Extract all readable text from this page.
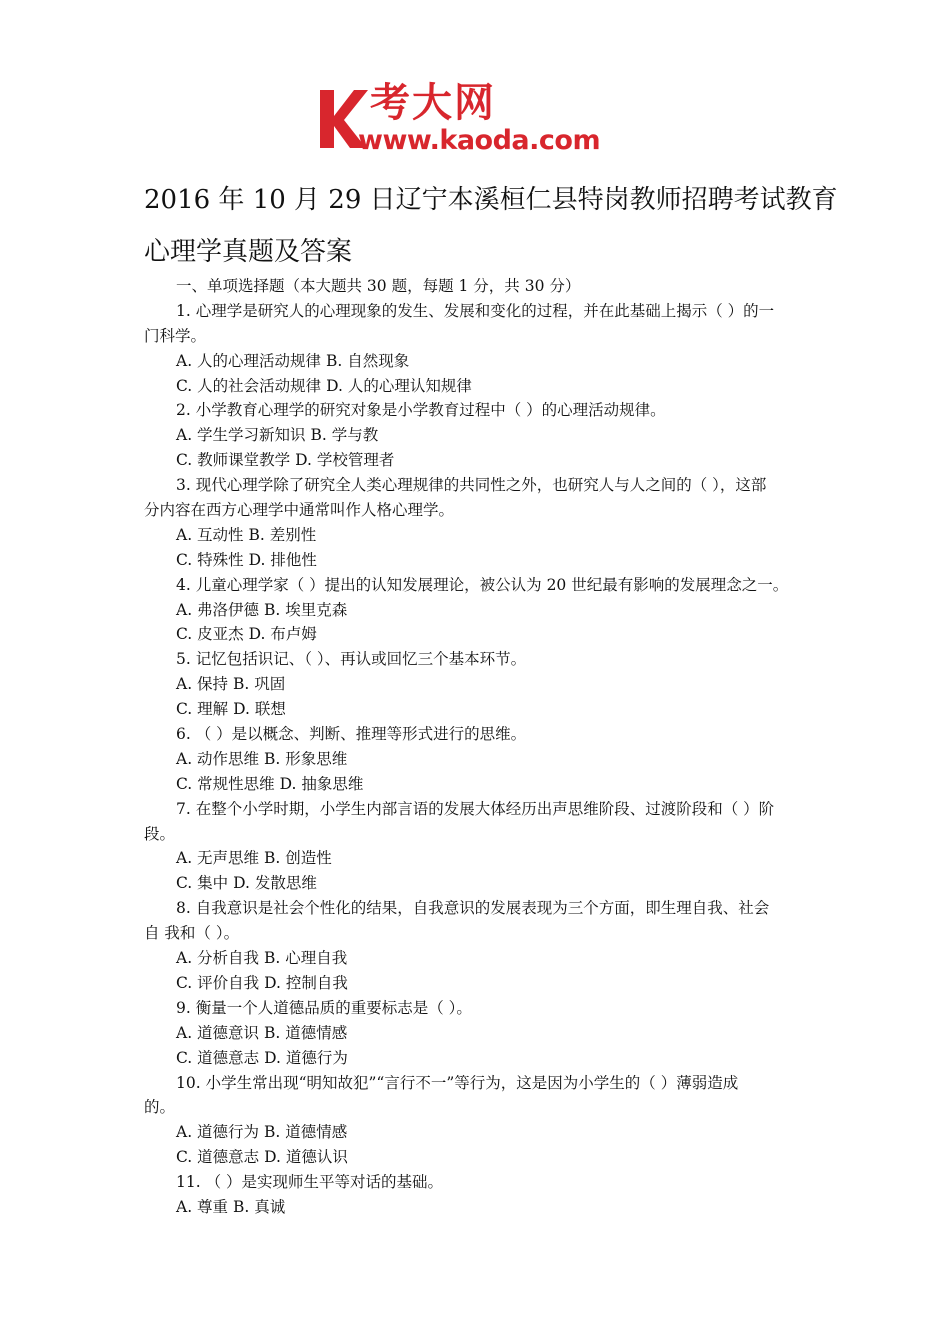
考大网
www.kaoda.com
2016 年 10 月 29 日辽宁本溪桓仁县特岗教师招聘考试教育
心理学真题及答案
一、单项选择题（本大题共 30 题，每题 1 分，共 30 分）
1. 心理学是研究人的心理现象的发生、发展和变化的过程，并在此基础上揭示（ ）的一
门科学。
A. 人的心理活动规律 B. 自然现象
C. 人的社会活动规律 D. 人的心理认知规律
2. 小学教育心理学的研究对象是小学教育过程中（ ）的心理活动规律。
A. 学生学习新知识 B. 学与教
C. 教师课堂教学 D. 学校管理者
3. 现代心理学除了研究全人类心理规律的共同性之外，也研究人与人之间的（ ），这部
分内容在西方心理学中通常叫作人格心理学。
A. 互动性 B. 差别性
C. 特殊性 D. 排他性
4. 儿童心理学家（ ）提出的认知发展理论，被公认为 20 世纪最有影响的发展理念之一。
A. 弗洛伊德 B. 埃里克森
C. 皮亚杰 D. 布卢姆
5. 记忆包括识记、（ ）、再认或回忆三个基本环节。
A. 保持 B. 巩固
C. 理解 D. 联想
6. （ ）是以概念、判断、推理等形式进行的思维。
A. 动作思维 B. 形象思维
C. 常规性思维 D. 抽象思维
7. 在整个小学时期，小学生内部言语的发展大体经历出声思维阶段、过渡阶段和（ ）阶
段。
A. 无声思维 B. 创造性
C. 集中 D. 发散思维
8. 自我意识是社会个性化的结果，自我意识的发展表现为三个方面，即生理自我、社会
自 我和（ ）。
A. 分析自我 B. 心理自我
C. 评价自我 D. 控制自我
9. 衡量一个人道德品质的重要标志是（ ）。
A. 道德意识 B. 道德情感
C. 道德意志 D. 道德行为
10. 小学生常出现“明知故犯”“言行不一”等行为，这是因为小学生的（ ）薄弱造成
的。
A. 道德行为 B. 道德情感
C. 道德意志 D. 道德认识
11. （ ）是实现师生平等对话的基础。
A. 尊重 B. 真诚
